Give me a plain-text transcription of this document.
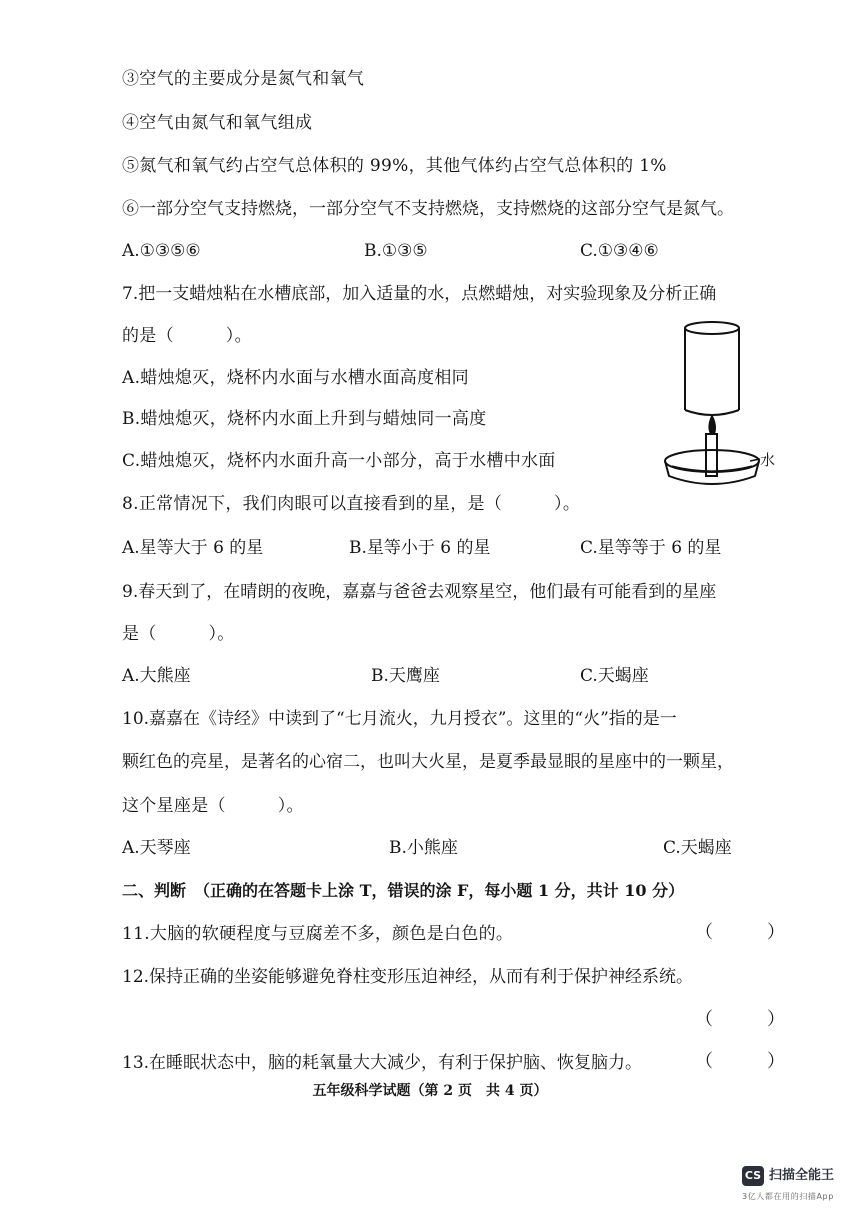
③空气的主要成分是氮气和氧气

④空气由氮气和氧气组成

⑤氮气和氧气约占空气总体积的 99%，其他气体约占空气总体积的 1%

⑥一部分空气支持燃烧，一部分空气不支持燃烧，支持燃烧的这部分空气是氮气。

A.①③⑤⑥	B.①③⑤	C.①③④⑥

7.把一支蜡烛粘在水槽底部，加入适量的水，点燃蜡烛，对实验现象及分析正确

的是（　　　）。

A.蜡烛熄灭，烧杯内水面与水槽水面高度相同

B.蜡烛熄灭，烧杯内水面上升到与蜡烛同一高度

C.蜡烛熄灭，烧杯内水面升高一小部分，高于水槽中水面	水

8.正常情况下，我们肉眼可以直接看到的星，是（　　　）。

A.星等大于 6 的星	B.星等小于 6 的星	C.星等等于 6 的星

9.春天到了，在晴朗的夜晚，嘉嘉与爸爸去观察星空，他们最有可能看到的星座

是（　　　）。

A.大熊座	B.天鹰座	C.天蝎座

10.嘉嘉在《诗经》中读到了“七月流火，九月授衣”。这里的“火”指的是一

颗红色的亮星，是著名的心宿二，也叫大火星，是夏季最显眼的星座中的一颗星，

这个星座是（　　　）。

A.天琴座	B.小熊座	C.天蝎座

二、判断　（正确的在答题卡上涂 T，错误的涂 F，每小题 1 分，共计 10 分）

11.大脑的软硬程度与豆腐差不多，颜色是白色的。	（　　　）

12.保持正确的坐姿能够避免脊柱变形压迫神经，从而有利于保护神经系统。

（　　　）

13.在睡眠状态中，脑的耗氧量大大减少，有利于保护脑、恢复脑力。	（　　　）

五年级科学试题（第 2 页　共 4 页）

CS 扫描全能王
3亿人都在用的扫描App
